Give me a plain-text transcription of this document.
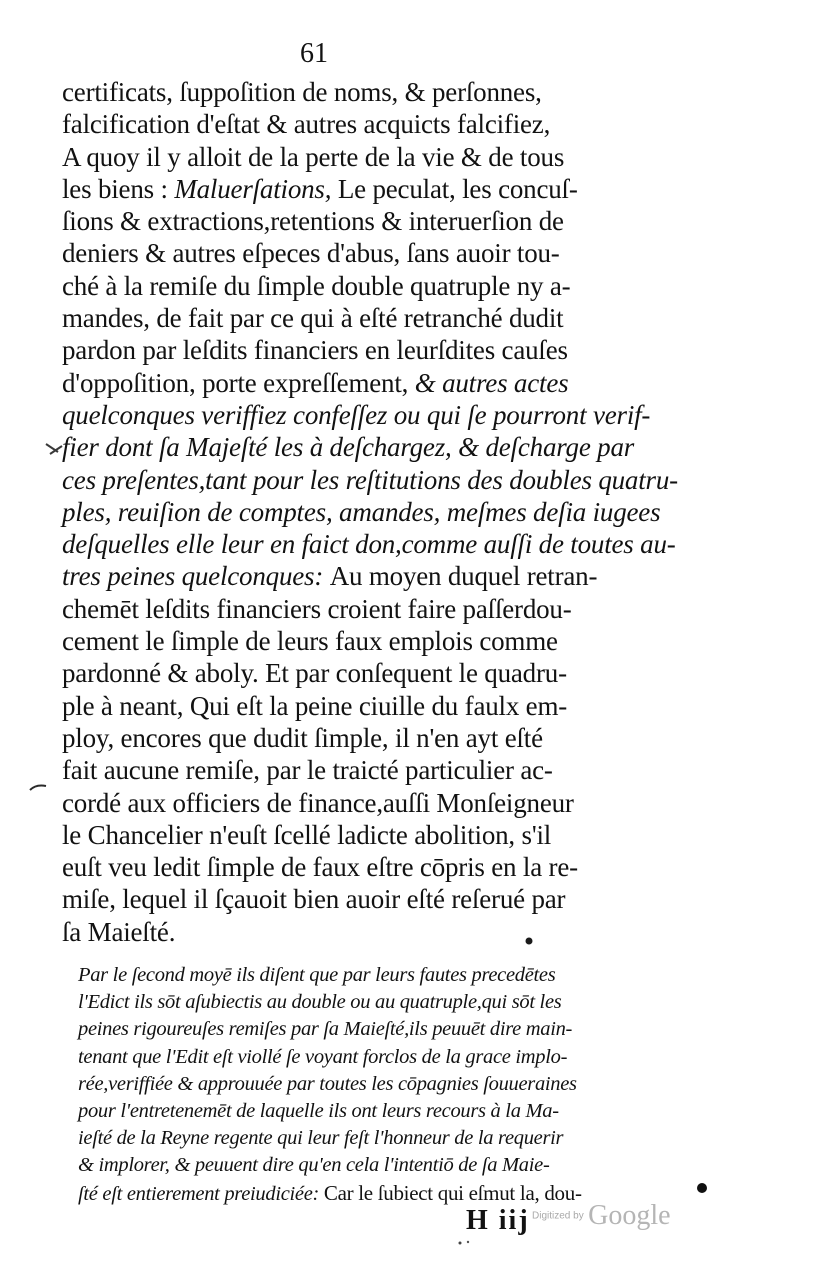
61
certificats, ſuppoſition de noms, & perſonnes,
falcification d'eſtat & autres acquicts falcifiez,
A quoy il y alloit de la perte de la vie & de tous
les biens : Maluerſations, Le peculat, les concuſ-
ſions & extractions,retentions & interuerſion de
deniers & autres eſpeces d'abus, ſans auoir tou-
ché à la remiſe du ſimple double quatruple ny a-
mandes, de fait par ce qui à eſté retranché dudit
pardon par leſdits financiers en leurſdites cauſes
d'oppoſition, porte expreſſement, & autres actes
quelconques veriffiez confeſſez ou qui ſe pourront verif-
fier dont ſa Majeſté les à deſchargez, & deſcharge par
ces preſentes,tant pour les reſtitutions des doubles quatru-
ples, reuiſion de comptes, amandes, meſmes deſia iugees
deſquelles elle leur en faict don,comme auſſi de toutes au-
tres peines quelconques: Au moyen duquel retran-
chemēt leſdits financiers croient faire paſſerdou-
cement le ſimple de leurs faux emplois comme
pardonné & aboly. Et par conſequent le quadru-
ple à neant, Qui eſt la peine ciuille du faulx em-
ploy, encores que dudit ſimple, il n'en ayt eſté
fait aucune remiſe, par le traicté particulier ac-
cordé aux officiers de finance,auſſi Monſeigneur
le Chancelier n'euſt ſcellé ladicte abolition, s'il
euſt veu ledit ſimple de faux eſtre cōpris en la re-
miſe, lequel il ſçauoit bien auoir eſté reſerué par
ſa Maieſté.
Par le ſecond moyē ils diſent que par leurs fautes precedētes
l'Edict ils sōt aſubiectis au double ou au quatruple,qui sōt les
peines rigoureuſes remiſes par ſa Maieſté,ils peuuēt dire main-
tenant que l'Edit eſt viollé ſe voyant forclos de la grace implo-
rée,veriffiée & approuuée par toutes les cōpagnies ſouueraines
pour l'entretenemēt de laquelle ils ont leurs recours à la Ma-
ieſté de la Reyne regente qui leur feſt l'honneur de la requerir
& implorer, & peuuent dire qu'en cela l'intentiō de ſa Maie-
ſté eſt entierement preiudiciée: Car le ſubiect qui eſmut la, dou-
H iij Digitized by Google
